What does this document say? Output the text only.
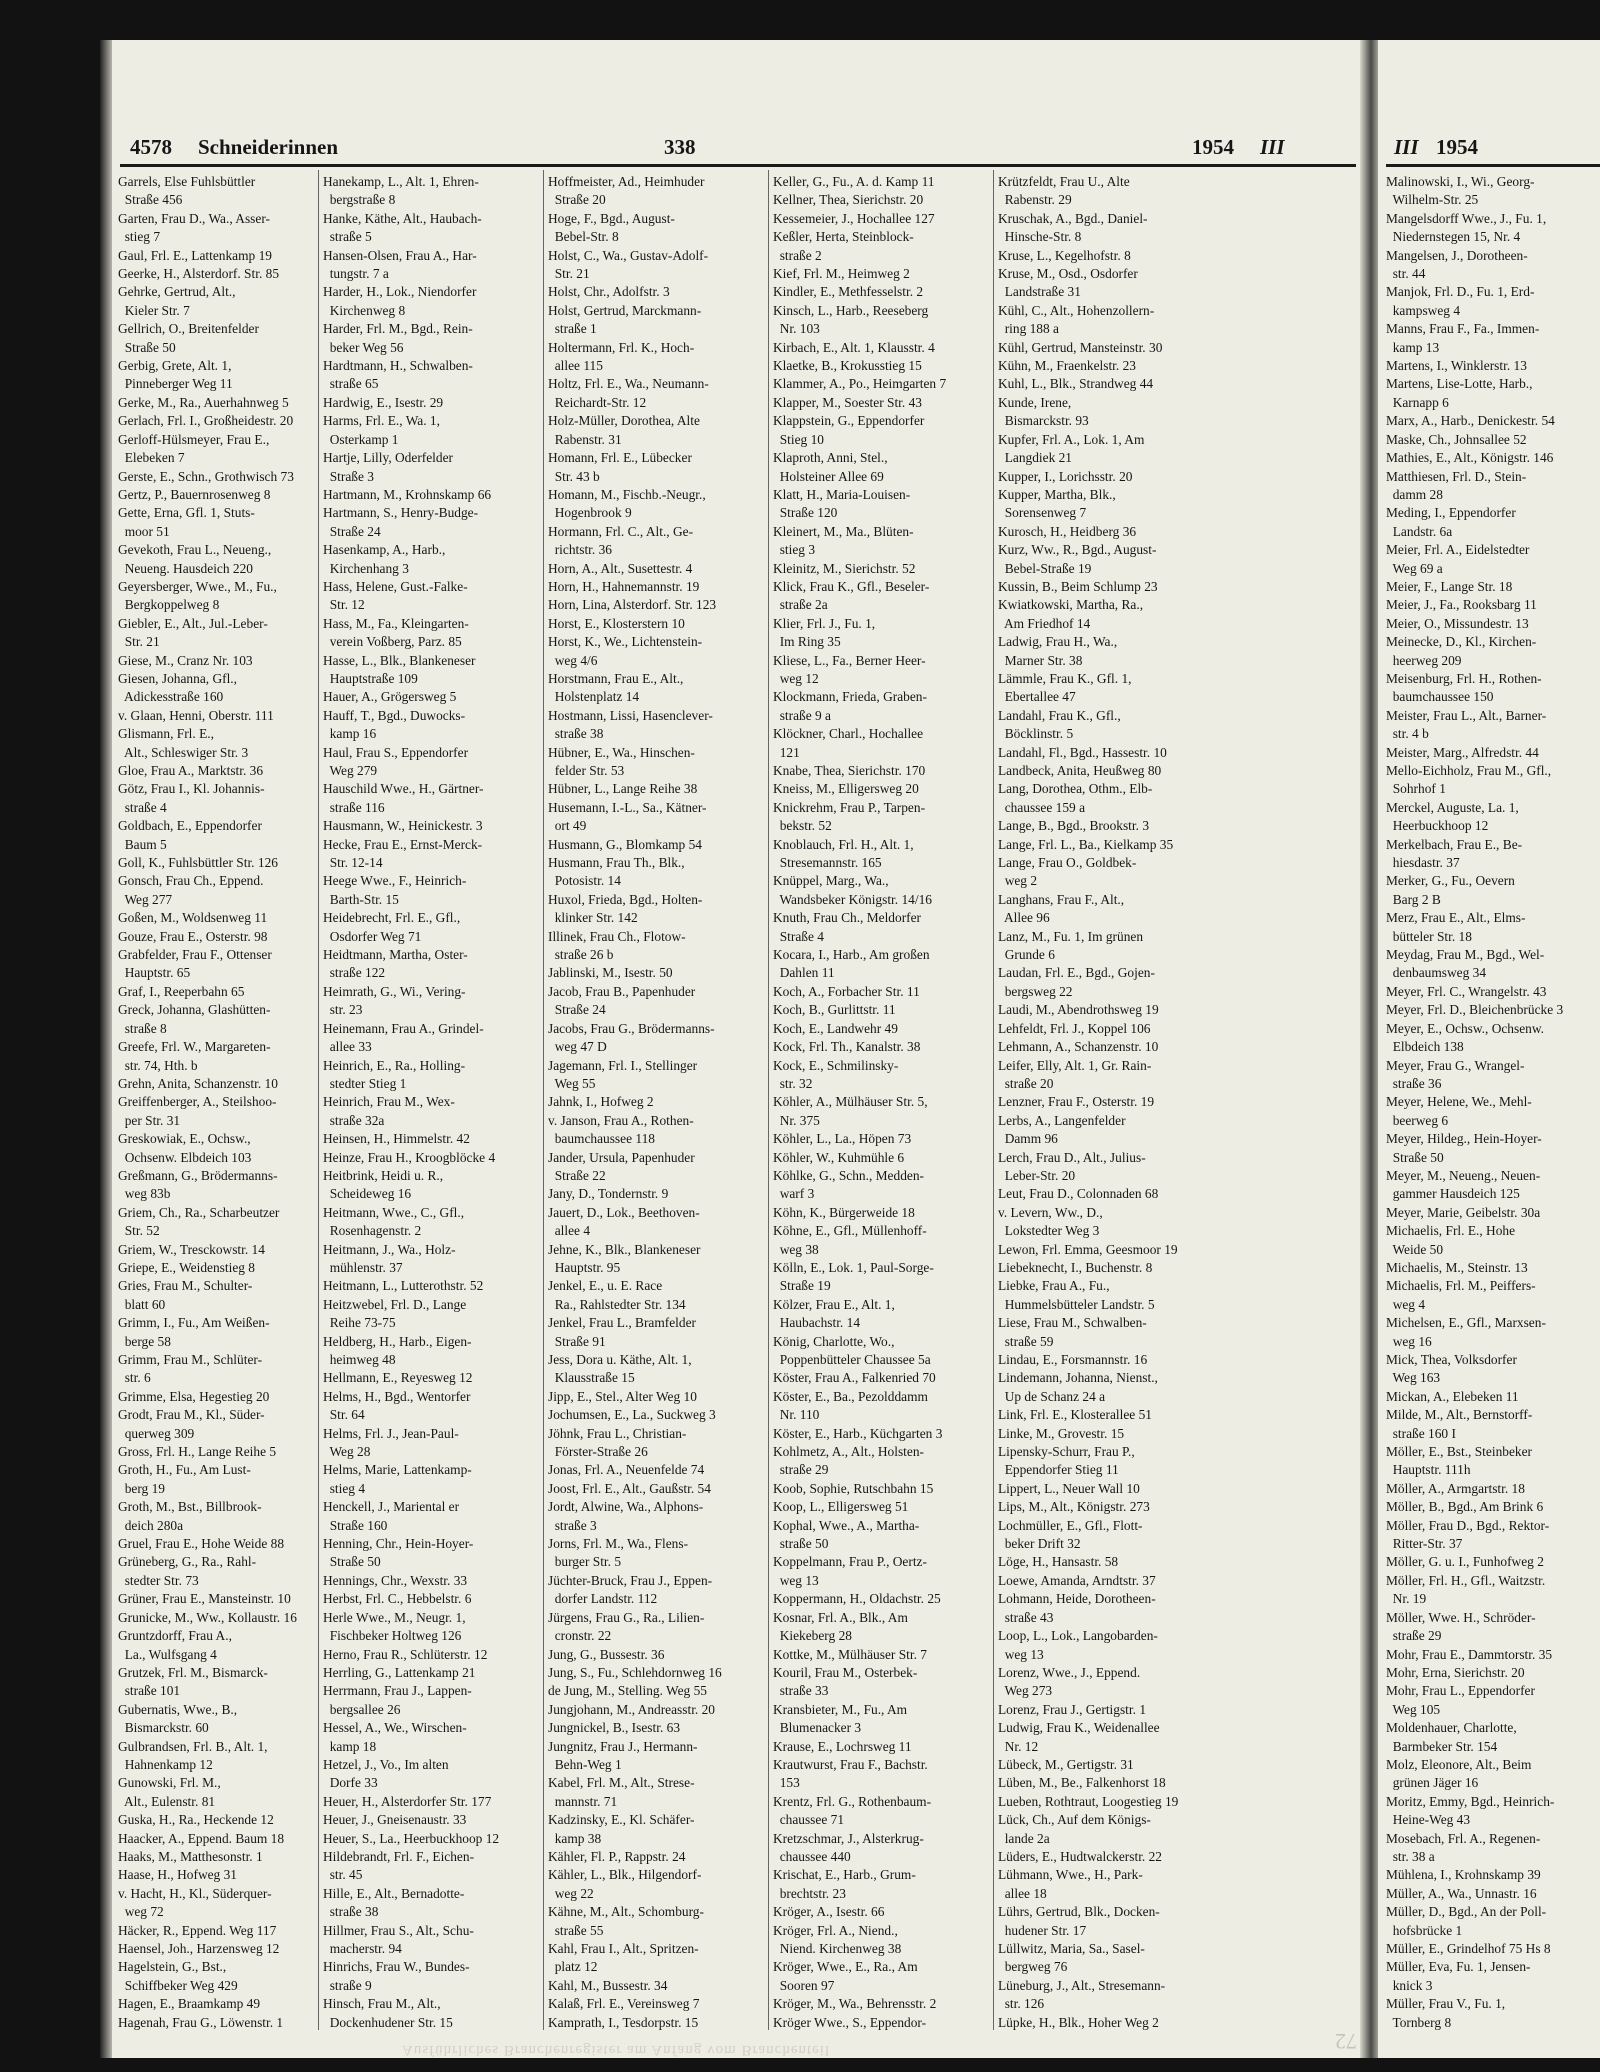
4578 Schneiderinnen	338	1954 III
Garrels, Else Fuhlsbüttler
Straße 456
Garten, Frau D., Wa., Asser-
stieg 7
Gaul, Frl. E., Lattenkamp 19
Geerke, H., Alsterdorf. Str. 85
Gehrke, Gertrud, Alt.,
Kieler Str. 7
Gellrich, O., Breitenfelder
Straße 50
Gerbig, Grete, Alt. 1,
Pinneberger Weg 11
Gerke, M., Ra., Auerhahnweg 5
Gerlach, Frl. I., Großheidestr. 20
Gerloff-Hülsmeyer, Frau E.,
Elebeken 7
Gerste, E., Schn., Grothwisch 73
Gertz, P., Bauernrosenweg 8
Gette, Erna, Gfl. 1, Stuts-
moor 51
Gevekoth, Frau L., Neueng.,
Neueng. Hausdeich 220
Geyersberger, Wwe., M., Fu.,
Bergkoppelweg 8
Giebler, E., Alt., Jul.-Leber-
Str. 21
Giese, M., Cranz Nr. 103
Giesen, Johanna, Gfl.,
Adickesstraße 160
v. Glaan, Henni, Oberstr. 111
Glismann, Frl. E.,
Alt., Schleswiger Str. 3
Gloe, Frau A., Marktstr. 36
Götz, Frau I., Kl. Johannis-
straße 4
Goldbach, E., Eppendorfer
Baum 5
Goll, K., Fuhlsbüttler Str. 126
Gonsch, Frau Ch., Eppend.
Weg 277
Goßen, M., Woldsenweg 11
Gouze, Frau E., Osterstr. 98
Grabfelder, Frau F., Ottenser
Hauptstr. 65
Graf, I., Reeperbahn 65
Greck, Johanna, Glashütten-
straße 8
Greefe, Frl. W., Margareten-
str. 74, Hth. b
Grehn, Anita, Schanzenstr. 10
Greiffenberger, A., Steilshoo-
per Str. 31
Greskowiak, E., Ochsw.,
Ochsenw. Elbdeich 103
Greßmann, G., Brödermanns-
weg 83b
Griem, Ch., Ra., Scharbeutzer
Str. 52
Griem, W., Tresckowstr. 14
Griepe, E., Weidenstieg 8
Gries, Frau M., Schulter-
blatt 60
Grimm, I., Fu., Am Weißen-
berge 58
Grimm, Frau M., Schlüter-
str. 6
Grimme, Elsa, Hegestieg 20
Grodt, Frau M., Kl., Süder-
querweg 309
Gross, Frl. H., Lange Reihe 5
Groth, H., Fu., Am Lust-
berg 19
Groth, M., Bst., Billbrook-
deich 280a
Gruel, Frau E., Hohe Weide 88
Grüneberg, G., Ra., Rahl-
stedter Str. 73
Grüner, Frau E., Mansteinstr. 10
Grunicke, M., Ww., Kollaustr. 16
Gruntzdorff, Frau A.,
La., Wulfsgang 4
Grutzek, Frl. M., Bismarck-
straße 101
Gubernatis, Wwe., B.,
Bismarckstr. 60
Gulbrandsen, Frl. B., Alt. 1,
Hahnenkamp 12
Gunowski, Frl. M.,
Alt., Eulenstr. 81
Guska, H., Ra., Heckende 12
Haacker, A., Eppend. Baum 18
Haaks, M., Matthesonstr. 1
Haase, H., Hofweg 31
v. Hacht, H., Kl., Süderquer-
weg 72
Häcker, R., Eppend. Weg 117
Haensel, Joh., Harzensweg 12
Hagelstein, G., Bst.,
Schiffbeker Weg 429
Hagen, E., Braamkamp 49
Hagenah, Frau G., Löwenstr. 1
Hanekamp, L., Alt. 1, Ehren-
bergstraße 8
Hanke, Käthe, Alt., Haubach-
straße 5
Hansen-Olsen, Frau A., Har-
tungstr. 7 a
Harder, H., Lok., Niendorfer
Kirchenweg 8
Harder, Frl. M., Bgd., Rein-
beker Weg 56
Hardtmann, H., Schwalben-
straße 65
Hardwig, E., Isestr. 29
Harms, Frl. E., Wa. 1,
Osterkamp 1
Hartje, Lilly, Oderfelder
Straße 3
Hartmann, M., Krohnskamp 66
Hartmann, S., Henry-Budge-
Straße 24
Hasenkamp, A., Harb.,
Kirchenhang 3
Hass, Helene, Gust.-Falke-
Str. 12
Hass, M., Fa., Kleingarten-
verein Voßberg, Parz. 85
Hasse, L., Blk., Blankeneser
Hauptstraße 109
Hauer, A., Grögersweg 5
Hauff, T., Bgd., Duwocks-
kamp 16
Haul, Frau S., Eppendorfer
Weg 279
Hauschild Wwe., H., Gärtner-
straße 116
Hausmann, W., Heinickestr. 3
Hecke, Frau E., Ernst-Merck-
Str. 12-14
Heege Wwe., F., Heinrich-
Barth-Str. 15
Heidebrecht, Frl. E., Gfl.,
Osdorfer Weg 71
Heidtmann, Martha, Oster-
straße 122
Heimrath, G., Wi., Vering-
str. 23
Heinemann, Frau A., Grindel-
allee 33
Heinrich, E., Ra., Holling-
stedter Stieg 1
Heinrich, Frau M., Wex-
straße 32a
Heinsen, H., Himmelstr. 42
Heinze, Frau H., Kroogblöcke 4
Heitbrink, Heidi u. R.,
Scheideweg 16
Heitmann, Wwe., C., Gfl.,
Rosenhagenstr. 2
Heitmann, J., Wa., Holz-
mühlenstr. 37
Heitmann, L., Lutterothstr. 52
Heitzwebel, Frl. D., Lange
Reihe 73-75
Heldberg, H., Harb., Eigen-
heimweg 48
Hellmann, E., Reyesweg 12
Helms, H., Bgd., Wentorfer
Str. 64
Helms, Frl. J., Jean-Paul-
Weg 28
Helms, Marie, Lattenkamp-
stieg 4
Henckell, J., Mariental er
Straße 160
Henning, Chr., Hein-Hoyer-
Straße 50
Hennings, Chr., Wexstr. 33
Herbst, Frl. C., Hebbelstr. 6
Herle Wwe., M., Neugr. 1,
Fischbeker Holtweg 126
Herno, Frau R., Schlüterstr. 12
Herrling, G., Lattenkamp 21
Herrmann, Frau J., Lappen-
bergsallee 26
Hessel, A., We., Wirschen-
kamp 18
Hetzel, J., Vo., Im alten
Dorfe 33
Heuer, H., Alsterdorfer Str. 177
Heuer, J., Gneisenaustr. 33
Heuer, S., La., Heerbuckhoop 12
Hildebrandt, Frl. F., Eichen-
str. 45
Hille, E., Alt., Bernadotte-
straße 38
Hillmer, Frau S., Alt., Schu-
macherstr. 94
Hinrichs, Frau W., Bundes-
straße 9
Hinsch, Frau M., Alt.,
Dockenhudener Str. 15
Hoffmeister, Ad., Heimhuder
Straße 20
Hoge, F., Bgd., August-
Bebel-Str. 8
Holst, C., Wa., Gustav-Adolf-
Str. 21
Holst, Chr., Adolfstr. 3
Holst, Gertrud, Marckmann-
straße 1
Holtermann, Frl. K., Hoch-
allee 115
Holtz, Frl. E., Wa., Neumann-
Reichardt-Str. 12
Holz-Müller, Dorothea, Alte
Rabenstr. 31
Homann, Frl. E., Lübecker
Str. 43 b
Homann, M., Fischb.-Neugr.,
Hogenbrook 9
Hormann, Frl. C., Alt., Ge-
richtstr. 36
Horn, A., Alt., Susettestr. 4
Horn, H., Hahnemannstr. 19
Horn, Lina, Alsterdorf. Str. 123
Horst, E., Klosterstern 10
Horst, K., We., Lichtenstein-
weg 4/6
Horstmann, Frau E., Alt.,
Holstenplatz 14
Hostmann, Lissi, Hasenclever-
straße 38
Hübner, E., Wa., Hinschen-
felder Str. 53
Hübner, L., Lange Reihe 38
Husemann, I.-L., Sa., Kätner-
ort 49
Husmann, G., Blomkamp 54
Husmann, Frau Th., Blk.,
Potosistr. 14
Huxol, Frieda, Bgd., Holten-
klinker Str. 142
Illinek, Frau Ch., Flotow-
straße 26 b
Jablinski, M., Isestr. 50
Jacob, Frau B., Papenhuder
Straße 24
Jacobs, Frau G., Brödermanns-
weg 47 D
Jagemann, Frl. I., Stellinger
Weg 55
Jahnk, I., Hofweg 2
v. Janson, Frau A., Rothen-
baumchaussee 118
Jander, Ursula, Papenhuder
Straße 22
Jany, D., Tondernstr. 9
Jauert, D., Lok., Beethoven-
allee 4
Jehne, K., Blk., Blankeneser
Hauptstr. 95
Jenkel, E., u. E. Race
Ra., Rahlstedter Str. 134
Jenkel, Frau L., Bramfelder
Straße 91
Jess, Dora u. Käthe, Alt. 1,
Klausstraße 15
Jipp, E., Stel., Alter Weg 10
Jochumsen, E., La., Suckweg 3
Jöhnk, Frau L., Christian-
Förster-Straße 26
Jonas, Frl. A., Neuenfelde 74
Joost, Frl. E., Alt., Gaußstr. 54
Jordt, Alwine, Wa., Alphons-
straße 3
Jorns, Frl. M., Wa., Flens-
burger Str. 5
Jüchter-Bruck, Frau J., Eppen-
dorfer Landstr. 112
Jürgens, Frau G., Ra., Lilien-
cronstr. 22
Jung, G., Bussestr. 36
Jung, S., Fu., Schlehdornweg 16
de Jung, M., Stelling. Weg 55
Jungjohann, M., Andreasstr. 20
Jungnickel, B., Isestr. 63
Jungnitz, Frau J., Hermann-
Behn-Weg 1
Kabel, Frl. M., Alt., Strese-
mannstr. 71
Kadzinsky, E., Kl. Schäfer-
kamp 38
Kähler, Fl. P., Rappstr. 24
Kähler, L., Blk., Hilgendorf-
weg 22
Kähne, M., Alt., Schomburg-
straße 55
Kahl, Frau I., Alt., Spritzen-
platz 12
Kahl, M., Bussestr. 34
Kalaß, Frl. E., Vereinsweg 7
Kamprath, I., Tesdorpstr. 15
Keller, G., Fu., A. d. Kamp 11
Kellner, Thea, Sierichstr. 20
Kessemeier, J., Hochallee 127
Keßler, Herta, Steinblock-
straße 2
Kief, Frl. M., Heimweg 2
Kindler, E., Methfesselstr. 2
Kinsch, L., Harb., Reeseberg
Nr. 103
Kirbach, E., Alt. 1, Klausstr. 4
Klaetke, B., Krokusstieg 15
Klammer, A., Po., Heimgarten 7
Klapper, M., Soester Str. 43
Klappstein, G., Eppendorfer
Stieg 10
Klaproth, Anni, Stel.,
Holsteiner Allee 69
Klatt, H., Maria-Louisen-
Straße 120
Kleinert, M., Ma., Blüten-
stieg 3
Kleinitz, M., Sierichstr. 52
Klick, Frau K., Gfl., Beseler-
straße 2a
Klier, Frl. J., Fu. 1,
Im Ring 35
Kliese, L., Fa., Berner Heer-
weg 12
Klockmann, Frieda, Graben-
straße 9 a
Klöckner, Charl., Hochallee
121
Knabe, Thea, Sierichstr. 170
Kneiss, M., Elligersweg 20
Knickrehm, Frau P., Tarpen-
bekstr. 52
Knoblauch, Frl. H., Alt. 1,
Stresemannstr. 165
Knüppel, Marg., Wa.,
Wandsbeker Königstr. 14/16
Knuth, Frau Ch., Meldorfer
Straße 4
Kocara, I., Harb., Am großen
Dahlen 11
Koch, A., Forbacher Str. 11
Koch, B., Gurlittstr. 11
Koch, E., Landwehr 49
Kock, Frl. Th., Kanalstr. 38
Kock, E., Schmilinsky-
str. 32
Köhler, A., Mülhäuser Str. 5,
Nr. 375
Köhler, L., La., Höpen 73
Köhler, W., Kuhmühle 6
Köhlke, G., Schn., Medden-
warf 3
Köhn, K., Bürgerweide 18
Köhne, E., Gfl., Müllenhoff-
weg 38
Kölln, E., Lok. 1, Paul-Sorge-
Straße 19
Kölzer, Frau E., Alt. 1,
Haubachstr. 14
König, Charlotte, Wo.,
Poppenbütteler Chaussee 5a
Köster, Frau A., Falkenried 70
Köster, E., Ba., Pezolddamm
Nr. 110
Köster, E., Harb., Küchgarten 3
Kohlmetz, A., Alt., Holsten-
straße 29
Koob, Sophie, Rutschbahn 15
Koop, L., Elligersweg 51
Kophal, Wwe., A., Martha-
straße 50
Koppelmann, Frau P., Oertz-
weg 13
Koppermann, H., Oldachstr. 25
Kosnar, Frl. A., Blk., Am
Kiekeberg 28
Kottke, M., Mülhäuser Str. 7
Kouril, Frau M., Osterbek-
straße 33
Kransbieter, M., Fu., Am
Blumenacker 3
Krause, E., Lochrsweg 11
Krautwurst, Frau F., Bachstr.
153
Krentz, Frl. G., Rothenbaum-
chaussee 71
Kretzschmar, J., Alsterkrug-
chaussee 440
Krischat, E., Harb., Grum-
brechtstr. 23
Kröger, A., Isestr. 66
Kröger, Frl. A., Niend.,
Niend. Kirchenweg 38
Kröger, Wwe., E., Ra., Am
Sooren 97
Kröger, M., Wa., Behrensstr. 2
Kröger Wwe., S., Eppendor-
Krützfeldt, Frau U., Alte
Rabenstr. 29
Kruschak, A., Bgd., Daniel-
Hinsche-Str. 8
Kruse, L., Kegelhofstr. 8
Kruse, M., Osd., Osdorfer
Landstraße 31
Kühl, C., Alt., Hohenzollern-
ring 188 a
Kühl, Gertrud, Mansteinstr. 30
Kühn, M., Fraenkelstr. 23
Kuhl, L., Blk., Strandweg 44
Kunde, Irene,
Bismarckstr. 93
Kupfer, Frl. A., Lok. 1, Am
Langdiek 21
Kupper, I., Lorichsstr. 20
Kupper, Martha, Blk.,
Sorensenweg 7
Kurosch, H., Heidberg 36
Kurz, Ww., R., Bgd., August-
Bebel-Straße 19
Kussin, B., Beim Schlump 23
Kwiatkowski, Martha, Ra.,
Am Friedhof 14
Ladwig, Frau H., Wa.,
Marner Str. 38
Lämmle, Frau K., Gfl. 1,
Ebertallee 47
Landahl, Frau K., Gfl.,
Böcklinstr. 5
Landahl, Fl., Bgd., Hassestr. 10
Landbeck, Anita, Heußweg 80
Lang, Dorothea, Othm., Elb-
chaussee 159 a
Lange, B., Bgd., Brookstr. 3
Lange, Frl. L., Ba., Kielkamp 35
Lange, Frau O., Goldbek-
weg 2
Langhans, Frau F., Alt.,
Allee 96
Lanz, M., Fu. 1, Im grünen
Grunde 6
Laudan, Frl. E., Bgd., Gojen-
bergsweg 22
Laudi, M., Abendrothsweg 19
Lehfeldt, Frl. J., Koppel 106
Lehmann, A., Schanzenstr. 10
Leifer, Elly, Alt. 1, Gr. Rain-
straße 20
Lenzner, Frau F., Osterstr. 19
Lerbs, A., Langenfelder
Damm 96
Lerch, Frau D., Alt., Julius-
Leber-Str. 20
Leut, Frau D., Colonnaden 68
v. Levern, Ww., D.,
Lokstedter Weg 3
Lewon, Frl. Emma, Geesmoor 19
Liebeknecht, I., Buchenstr. 8
Liebke, Frau A., Fu.,
Hummelsbütteler Landstr. 5
Liese, Frau M., Schwalben-
straße 59
Lindau, E., Forsmannstr. 16
Lindemann, Johanna, Nienst.,
Up de Schanz 24 a
Link, Frl. E., Klosterallee 51
Linke, M., Grovestr. 15
Lipensky-Schurr, Frau P.,
Eppendorfer Stieg 11
Lippert, L., Neuer Wall 10
Lips, M., Alt., Königstr. 273
Lochmüller, E., Gfl., Flott-
beker Drift 32
Löge, H., Hansastr. 58
Loewe, Amanda, Arndtstr. 37
Lohmann, Heide, Dorotheen-
straße 43
Loop, L., Lok., Langobarden-
weg 13
Lorenz, Wwe., J., Eppend.
Weg 273
Lorenz, Frau J., Gertigstr. 1
Ludwig, Frau K., Weidenallee
Nr. 12
Lübeck, M., Gertigstr. 31
Lüben, M., Be., Falkenhorst 18
Lueben, Rothtraut, Loogestieg 19
Lück, Ch., Auf dem Königs-
lande 2a
Lüders, E., Hudtwalckerstr. 22
Lühmann, Wwe., H., Park-
allee 18
Lührs, Gertrud, Blk., Docken-
hudener Str. 17
Lüllwitz, Maria, Sa., Sasel-
bergweg 76
Lüneburg, J., Alt., Stresemann-
str. 126
Lüpke, H., Blk., Hoher Weg 2
Ausführliches Branchenregister am Anfang vom Branchenteil	72
III 1954
Malinowski, I., Wi., Georg-
Wilhelm-Str. 25
Mangelsdorff Wwe., J., Fu. 1,
Niedernstegen 15, Nr. 4
Mangelsen, J., Dorotheen-
str. 44
Manjok, Frl. D., Fu. 1, Erd-
kampsweg 4
Manns, Frau F., Fa., Immen-
kamp 13
Martens, I., Winklerstr. 13
Martens, Lise-Lotte, Harb.,
Karnapp 6
Marx, A., Harb., Denickestr. 54
Maske, Ch., Johnsallee 52
Mathies, E., Alt., Königstr. 146
Matthiesen, Frl. D., Stein-
damm 28
Meding, I., Eppendorfer
Landstr. 6a
Meier, Frl. A., Eidelstedter
Weg 69 a
Meier, F., Lange Str. 18
Meier, J., Fa., Rooksbarg 11
Meier, O., Missundestr. 13
Meinecke, D., Kl., Kirchen-
heerweg 209
Meisenburg, Frl. H., Rothen-
baumchaussee 150
Meister, Frau L., Alt., Barner-
str. 4 b
Meister, Marg., Alfredstr. 44
Mello-Eichholz, Frau M., Gfl.,
Sohrhof 1
Merckel, Auguste, La. 1,
Heerbuckhoop 12
Merkelbach, Frau E., Be-
hiesdastr. 37
Merker, G., Fu., Oevern
Barg 2 B
Merz, Frau E., Alt., Elms-
bütteler Str. 18
Meydag, Frau M., Bgd., Wel-
denbaumsweg 34
Meyer, Frl. C., Wrangelstr. 43
Meyer, Frl. D., Bleichenbrücke 3
Meyer, E., Ochsw., Ochsenw.
Elbdeich 138
Meyer, Frau G., Wrangel-
straße 36
Meyer, Helene, We., Mehl-
beerweg 6
Meyer, Hildeg., Hein-Hoyer-
Straße 50
Meyer, M., Neueng., Neuen-
gammer Hausdeich 125
Meyer, Marie, Geibelstr. 30a
Michaelis, Frl. E., Hohe
Weide 50
Michaelis, M., Steinstr. 13
Michaelis, Frl. M., Peiffers-
weg 4
Michelsen, E., Gfl., Marxsen-
weg 16
Mick, Thea, Volksdorfer
Weg 163
Mickan, A., Elebeken 11
Milde, M., Alt., Bernstorff-
straße 160 I
Möller, E., Bst., Steinbeker
Hauptstr. 111h
Möller, A., Armgartstr. 18
Möller, B., Bgd., Am Brink 6
Möller, Frau D., Bgd., Rektor-
Ritter-Str. 37
Möller, G. u. I., Funhofweg 2
Möller, Frl. H., Gfl., Waitzstr.
Nr. 19
Möller, Wwe. H., Schröder-
straße 29
Mohr, Frau E., Dammtorstr. 35
Mohr, Erna, Sierichstr. 20
Mohr, Frau L., Eppendorfer
Weg 105
Moldenhauer, Charlotte,
Barmbeker Str. 154
Molz, Eleonore, Alt., Beim
grünen Jäger 16
Moritz, Emmy, Bgd., Heinrich-
Heine-Weg 43
Mosebach, Frl. A., Regenen-
str. 38 a
Mühlena, I., Krohnskamp 39
Müller, A., Wa., Unnastr. 16
Müller, D., Bgd., An der Poll-
hofsbrücke 1
Müller, E., Grindelhof 75 Hs 8
Müller, Eva, Fu. 1, Jensen-
knick 3
Müller, Frau V., Fu. 1,
Tornberg 8
